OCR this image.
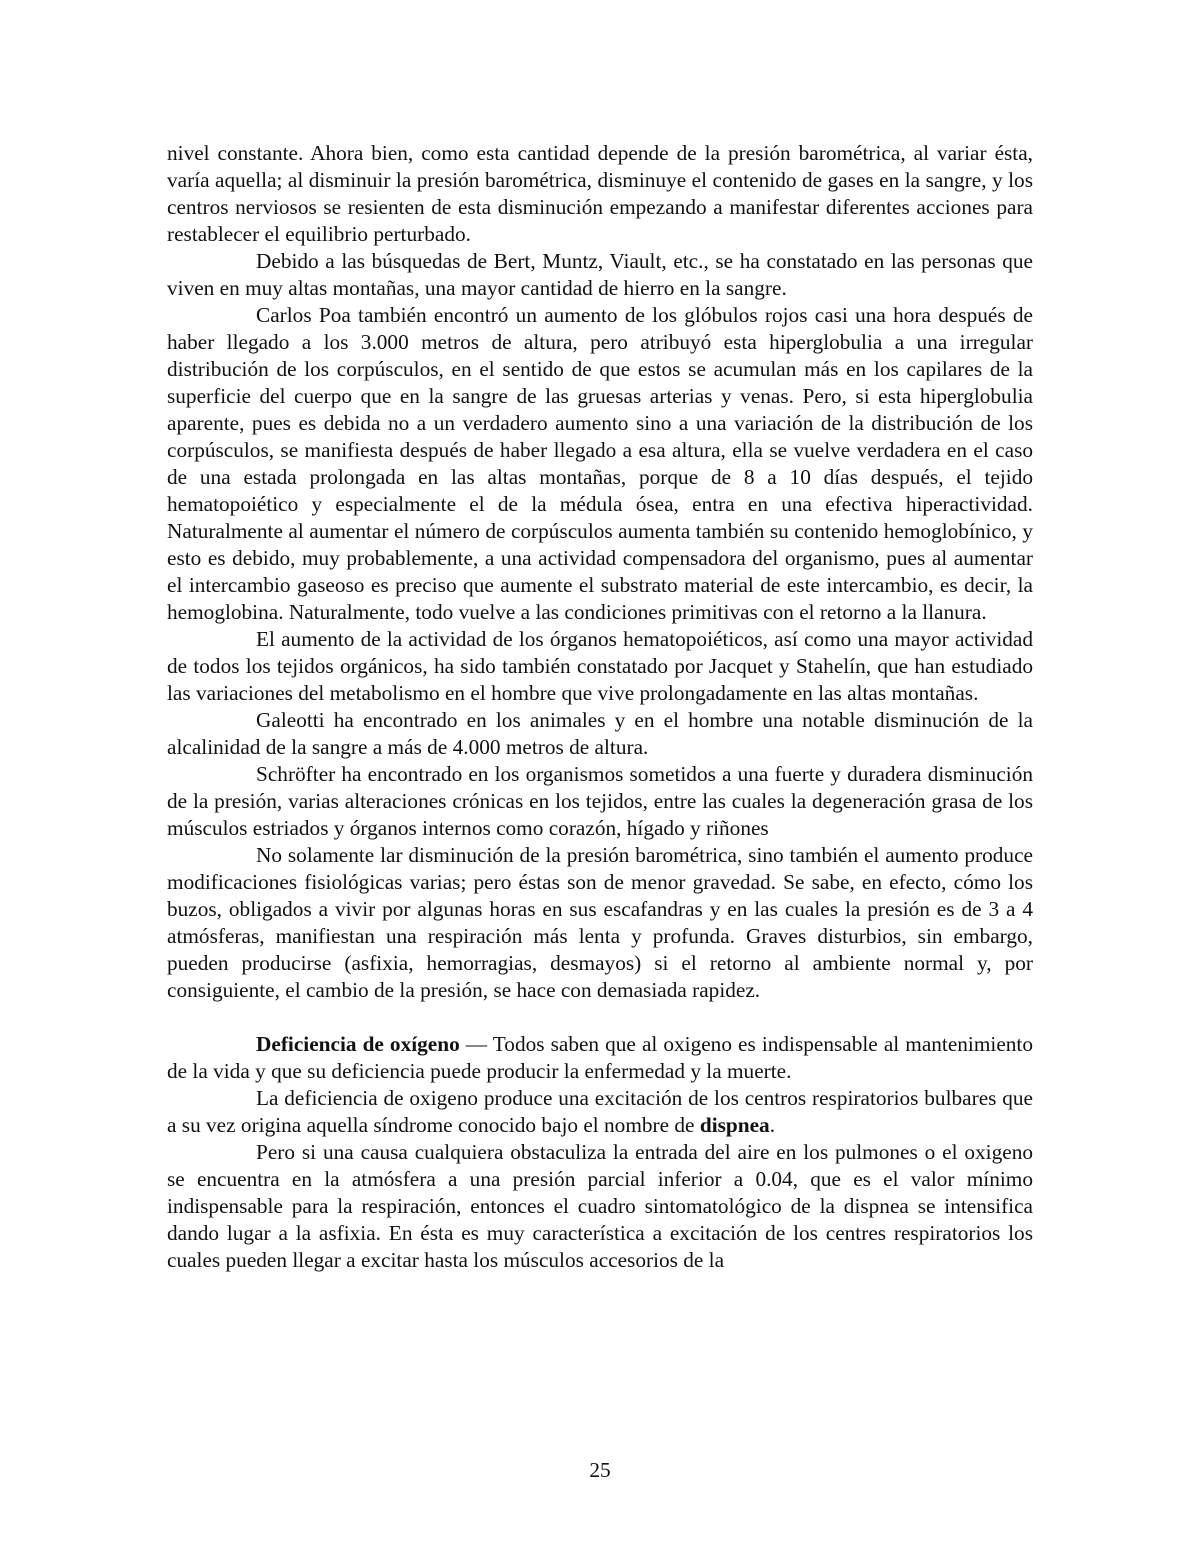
nivel constante. Ahora bien, como esta cantidad depende de la presión barométrica, al variar ésta, varía aquella; al disminuir la presión barométrica, disminuye el contenido de gases en la sangre, y los centros nerviosos se resienten de esta disminución empezando a manifestar diferentes acciones para restablecer el equilibrio perturbado.

Debido a las búsquedas de Bert, Muntz, Viault, etc., se ha constatado en las personas que viven en muy altas montañas, una mayor cantidad de hierro en la sangre.

Carlos Poa también encontró un aumento de los glóbulos rojos casi una hora después de haber llegado a los 3.000 metros de altura, pero atribuyó esta hiperglobulia a una irregular distribución de los corpúsculos, en el sentido de que estos se acumulan más en los capilares de la superficie del cuerpo que en la sangre de las gruesas arterias y venas. Pero, si esta hiperglobulia aparente, pues es debida no a un verdadero aumento sino a una variación de la distribución de los corpúsculos, se manifiesta después de haber llegado a esa altura, ella se vuelve verdadera en el caso de una estada prolongada en las altas montañas, porque de 8 a 10 días después, el tejido hematopoiético y especialmente el de la médula ósea, entra en una efectiva hiperactividad. Naturalmente al aumentar el número de corpúsculos aumenta también su contenido hemoglobínico, y esto es debido, muy probablemente, a una actividad compensadora del organismo, pues al aumentar el intercambio gaseoso es preciso que aumente el substrato material de este intercambio, es decir, la hemoglobina. Naturalmente, todo vuelve a las condiciones primitivas con el retorno a la llanura.

El aumento de la actividad de los órganos hematopoiéticos, así como una mayor actividad de todos los tejidos orgánicos, ha sido también constatado por Jacquet y Stahelín, que han estudiado las variaciones del metabolismo en el hombre que vive prolongadamente en las altas montañas.

Galeotti ha encontrado en los animales y en el hombre una notable disminución de la alcalinidad de la sangre a más de 4.000 metros de altura.

Schröfter ha encontrado en los organismos sometidos a una fuerte y duradera disminución de la presión, varias alteraciones crónicas en los tejidos, entre las cuales la degeneración grasa de los músculos estriados y órganos internos como corazón, hígado y riñones

No solamente lar disminución de la presión barométrica, sino también el aumento produce modificaciones fisiológicas varias; pero éstas son de menor gravedad. Se sabe, en efecto, cómo los buzos, obligados a vivir por algunas horas en sus escafandras y en las cuales la presión es de 3 a 4 atmósferas, manifiestan una respiración más lenta y profunda. Graves disturbios, sin embargo, pueden producirse (asfixia, hemorragias, desmayos) si el retorno al ambiente normal y, por consiguiente, el cambio de la presión, se hace con demasiada rapidez.

Deficiencia de oxígeno — Todos saben que al oxigeno es indispensable al mantenimiento de la vida y que su deficiencia puede producir la enfermedad y la muerte.

La deficiencia de oxigeno produce una excitación de los centros respiratorios bulbares que a su vez origina aquella síndrome conocido bajo el nombre de dispnea.

Pero si una causa cualquiera obstaculiza la entrada del aire en los pulmones o el oxigeno se encuentra en la atmósfera a una presión parcial inferior a 0.04, que es el valor mínimo indispensable para la respiración, entonces el cuadro sintomatológico de la dispnea se intensifica dando lugar a la asfixia. En ésta es muy característica a excitación de los centres respiratorios los cuales pueden llegar a excitar hasta los músculos accesorios de la

25
